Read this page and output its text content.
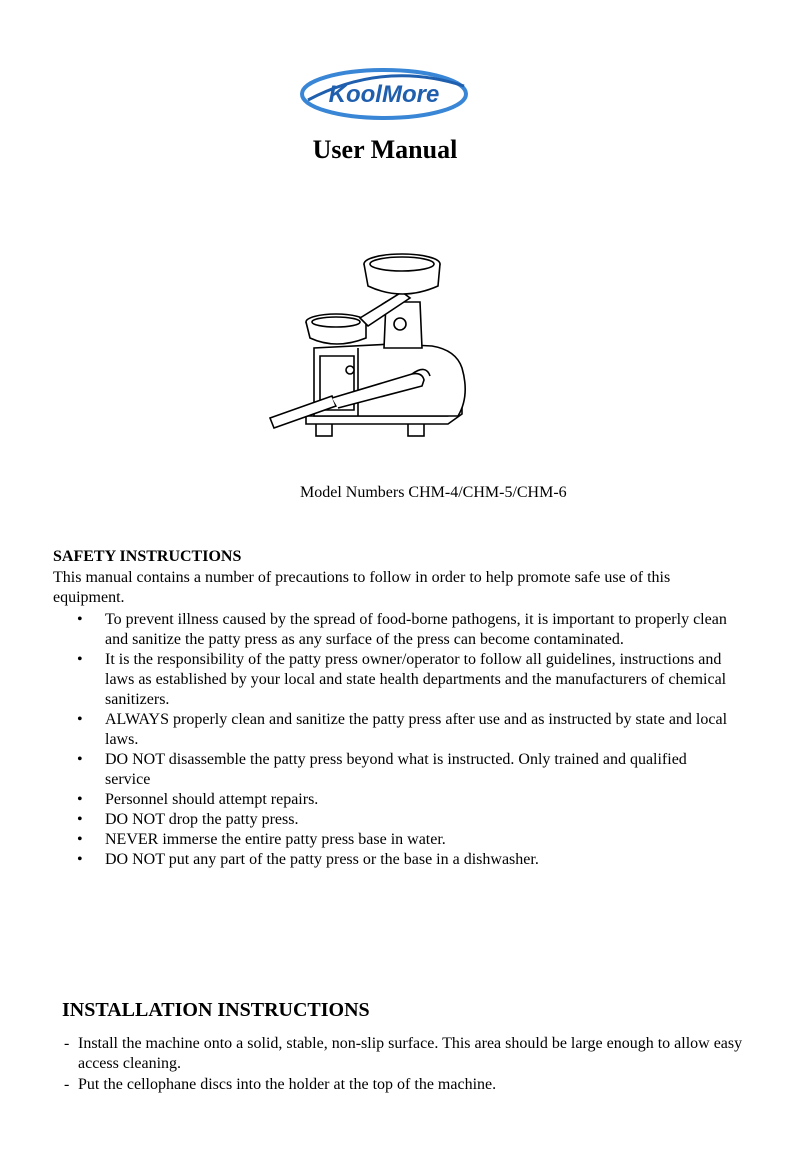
KoolMore
User Manual

Model Numbers CHM-4/CHM-5/CHM-6

SAFETY INSTRUCTIONS

This manual contains a number of precautions to follow in order to help promote safe use of this equipment.

• To prevent illness caused by the spread of food-borne pathogens, it is important to properly clean and sanitize the patty press as any surface of the press can become contaminated.
• It is the responsibility of the patty press owner/operator to follow all guidelines, instructions and laws as established by your local and state health departments and the manufacturers of chemical sanitizers.
• ALWAYS properly clean and sanitize the patty press after use and as instructed by state and local laws.
• DO NOT disassemble the patty press beyond what is instructed. Only trained and qualified service
• Personnel should attempt repairs.
• DO NOT drop the patty press.
• NEVER immerse the entire patty press base in water.
• DO NOT put any part of the patty press or the base in a dishwasher.
INSTALLATION INSTRUCTIONS
- Install the machine onto a solid, stable, non-slip surface. This area should be large enough to allow easy access cleaning.
- Put the cellophane discs into the holder at the top of the machine.
